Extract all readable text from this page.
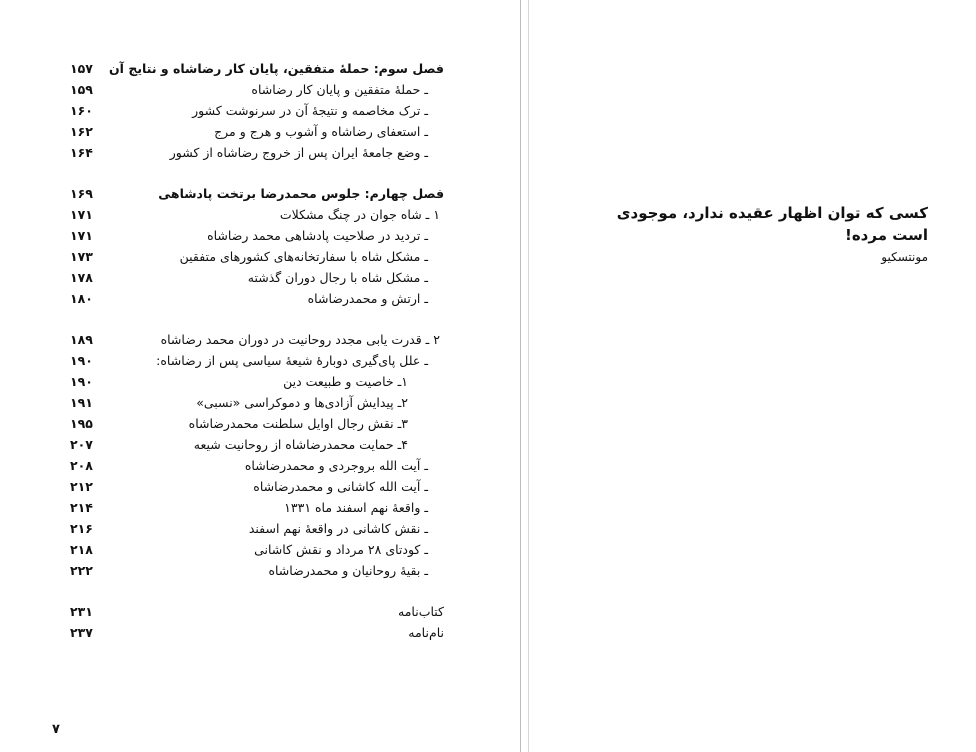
فصل سوم: حملهٔ متفقین، پایان کار رضاشاه و نتایج آن
۱۵۷
ـ حملهٔ متفقین و پایان کار رضاشاه
۱۵۹
ـ ترک مخاصمه و نتیجهٔ آن در سرنوشت کشور
۱۶۰
ـ استعفای رضاشاه و آشوب و هرج و مرج
۱۶۲
ـ وضع جامعهٔ ایران پس از خروج رضاشاه از کشور
۱۶۴
فصل چهارم: جلوس محمدرضا برتخت پادشاهی
۱۶۹
۱ ـ شاه جوان در چنگ مشکلات
۱۷۱
ـ تردید در صلاحیت پادشاهی محمد رضاشاه
۱۷۱
ـ مشکل شاه با سفارتخانه‌های کشورهای متفقین
۱۷۳
ـ مشکل شاه با رجال دوران گذشته
۱۷۸
ـ ارتش و محمدرضاشاه
۱۸۰
۲ ـ قدرت یابی مجدد روحانیت در دوران محمد رضاشاه
۱۸۹
ـ علل پای‌گیری دوبارهٔ شیعهٔ سیاسی پس از رضاشاه:
۱۹۰
۱ـ خاصیت و طبیعت دین
۱۹۰
۲ـ پیدایش آزادی‌ها و دموکراسی «نسبی»
۱۹۱
۳ـ نقش رجال اوایل سلطنت محمدرضاشاه
۱۹۵
۴ـ حمایت محمدرضاشاه از روحانیت شیعه
۲۰۷
ـ آیت الله بروجردی و محمدرضاشاه
۲۰۸
ـ آیت الله کاشانی و محمدرضاشاه
۲۱۲
ـ واقعهٔ نهم اسفند ماه ۱۳۳۱
۲۱۴
ـ نقش کاشانی در واقعهٔ نهم اسفند
۲۱۶
ـ کودتای ۲۸ مرداد و نقش کاشانی
۲۱۸
ـ بقیهٔ روحانیان و محمدرضاشاه
۲۲۲
کتاب‌نامه
۲۳۱
نام‌نامه
۲۳۷
۷
کسی که توان اظهار عقیده ندارد، موجودی است مرده!
مونتسکیو
